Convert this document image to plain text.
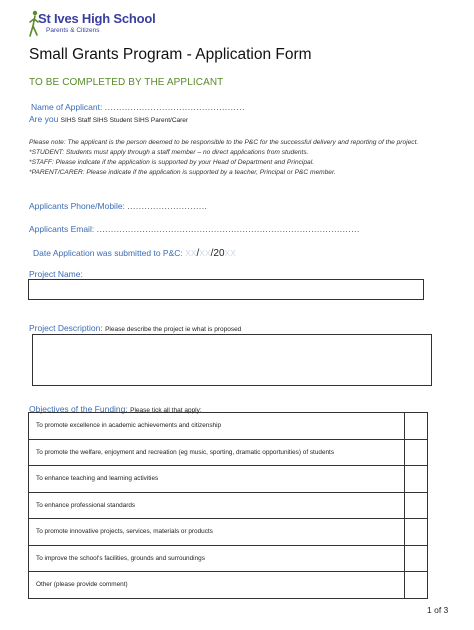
St Ives High School
Parents & Citizens
Small Grants Program - Application Form
TO BE COMPLETED BY THE APPLICANT
Name of Applicant: .................................................
Are you SIHS Staff SIHS Student SIHS Parent/Carer

Please note: The applicant is the person deemed to be responsible to the P&C for the successful delivery and reporting of the project.

*STUDENT: Students must apply through a staff member – no direct applications from students.

*STAFF: Please indicate if the application is supported by your Head of Department and Principal.

*PARENT/CARER: Please indicate if the application is supported by a teacher, Principal or P&C member.

Applicants Phone/Mobile: ............................
Applicants Email: ............................................................................................
Date Application was submitted to P&C: XX/XX/20XX
Project Name:
Project Description: Please describe the project ie what is proposed
Objectives of the Funding: Please tick all that apply:
To promote excellence in academic achievements and citizenship	
To promote the welfare, enjoyment and recreation (eg music, sporting, dramatic opportunities) of students	
To enhance teaching and learning activities	
To enhance professional standards	
To promote innovative projects, services, materials or products	
To improve the school's facilities, grounds and surroundings	
Other (please provide comment)	
1 of 3
